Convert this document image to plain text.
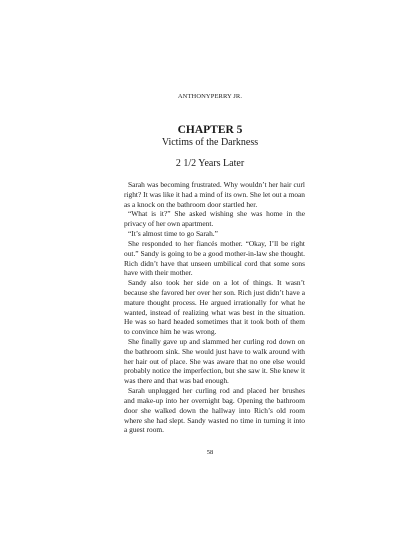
ANTHONYPERRY JR.
CHAPTER 5
Victims of the Darkness
2 1/2 Years Later

Sarah was becoming frustrated. Why wouldn’t her hair curl right? It was like it had a mind of its own. She let out a moan as a knock on the bathroom door startled her.

“What is it?” She asked wishing she was home in the privacy of her own apartment.

“It’s almost time to go Sarah.”

She responded to her fiancés mother. “Okay, I’ll be right out.” Sandy is going to be a good mother-in-law she thought. Rich didn’t have that unseen umbilical cord that some sons have with their mother.

Sandy also took her side on a lot of things. It wasn’t because she favored her over her son. Rich just didn’t have a mature thought process. He argued irrationally for what he wanted, instead of realizing what was best in the situation. He was so hard headed sometimes that it took both of them to convince him he was wrong.

She finally gave up and slammed her curling rod down on the bathroom sink. She would just have to walk around with her hair out of place. She was aware that no one else would probably notice the imperfection, but she saw it. She knew it was there and that was bad enough.

Sarah unplugged her curling rod and placed her brushes and make-up into her overnight bag. Opening the bathroom door she walked down the hallway into Rich’s old room where she had slept. Sandy wasted no time in turning it into a guest room.

58
